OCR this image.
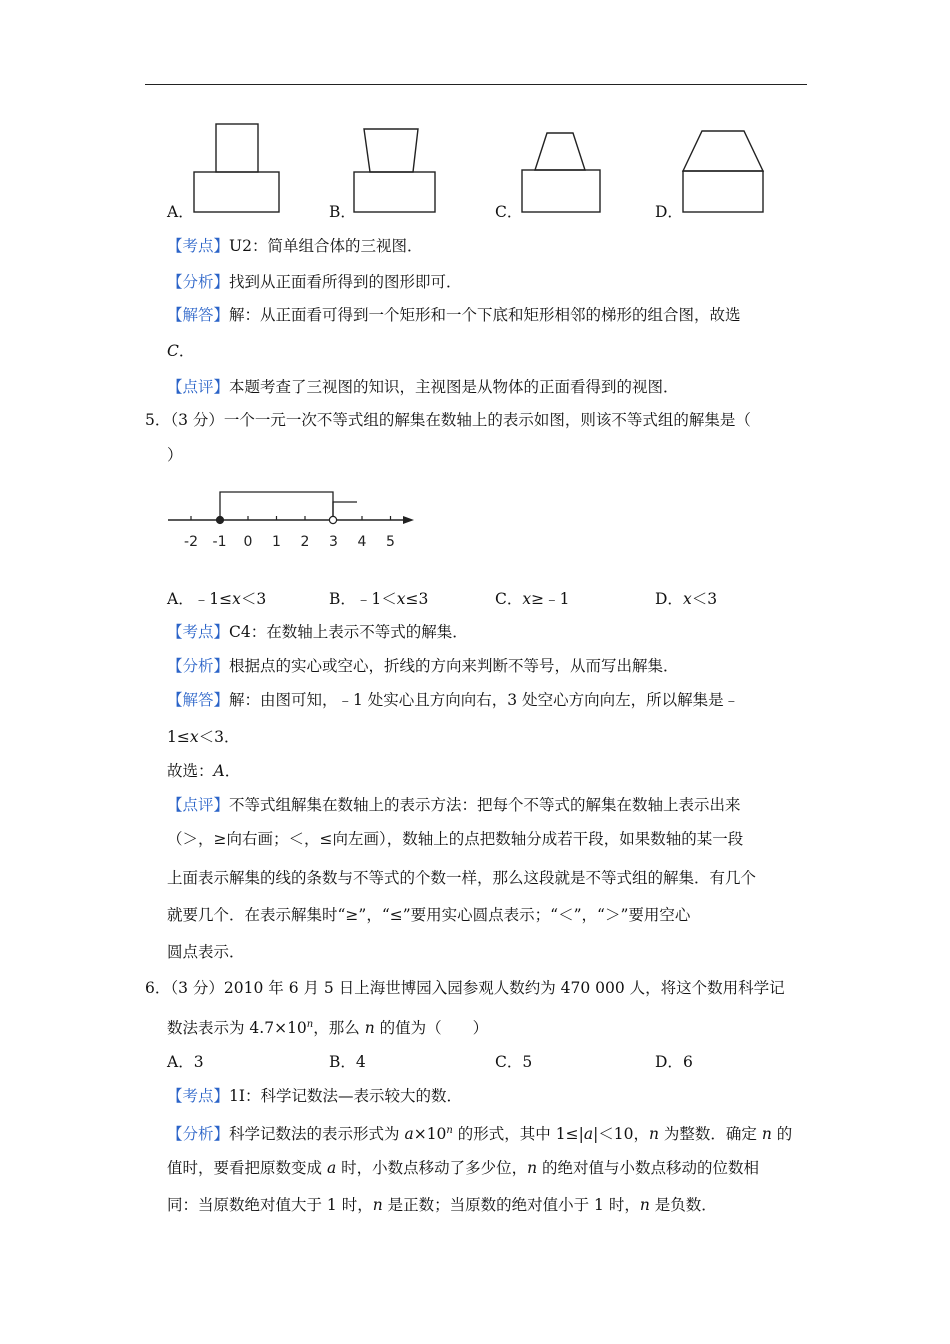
A．	B．	C．	D．
【考点】U2：简单组合体的三视图．
【分析】找到从正面看所得到的图形即可．
【解答】解：从正面看可得到一个矩形和一个下底和矩形相邻的梯形的组合图，故选
C．
【点评】本题考查了三视图的知识，主视图是从物体的正面看得到的视图．
5．（3 分）一个一元一次不等式组的解集在数轴上的表示如图，则该不等式组的解集是（
）
-2 -1 0 1 2 3 4 5
A．﹣1≤x＜3	B．﹣1＜x≤3	C．x≥﹣1	D．x＜3
【考点】C4：在数轴上表示不等式的解集．
【分析】根据点的实心或空心，折线的方向来判断不等号，从而写出解集．
【解答】解：由图可知，﹣1 处实心且方向向右，3 处空心方向向左，所以解集是﹣
1≤x＜3．
故选：A．
【点评】不等式组解集在数轴上的表示方法：把每个不等式的解集在数轴上表示出来
（＞，≥向右画；＜，≤向左画），数轴上的点把数轴分成若干段，如果数轴的某一段
上面表示解集的线的条数与不等式的个数一样，那么这段就是不等式组的解集．有几个
就要几个．在表示解集时“≥”，“≤”要用实心圆点表示；“＜”，“＞”要用空心
圆点表示．
6．（3 分）2010 年 6 月 5 日上海世博园入园参观人数约为 470 000 人，将这个数用科学记
数法表示为 $4.7\times 10^n$，那么 n 的值为（　　）
A．3	B．4	C．5	D．6
【考点】1I：科学记数法—表示较大的数．
【分析】科学记数法的表示形式为 $a\times 10^n$ 的形式，其中 1≤|a|＜10，n 为整数．确定 n 的
值时，要看把原数变成 a 时，小数点移动了多少位，n 的绝对值与小数点移动的位数相
同：当原数绝对值大于 1 时，n 是正数；当原数的绝对值小于 1 时，n 是负数．
